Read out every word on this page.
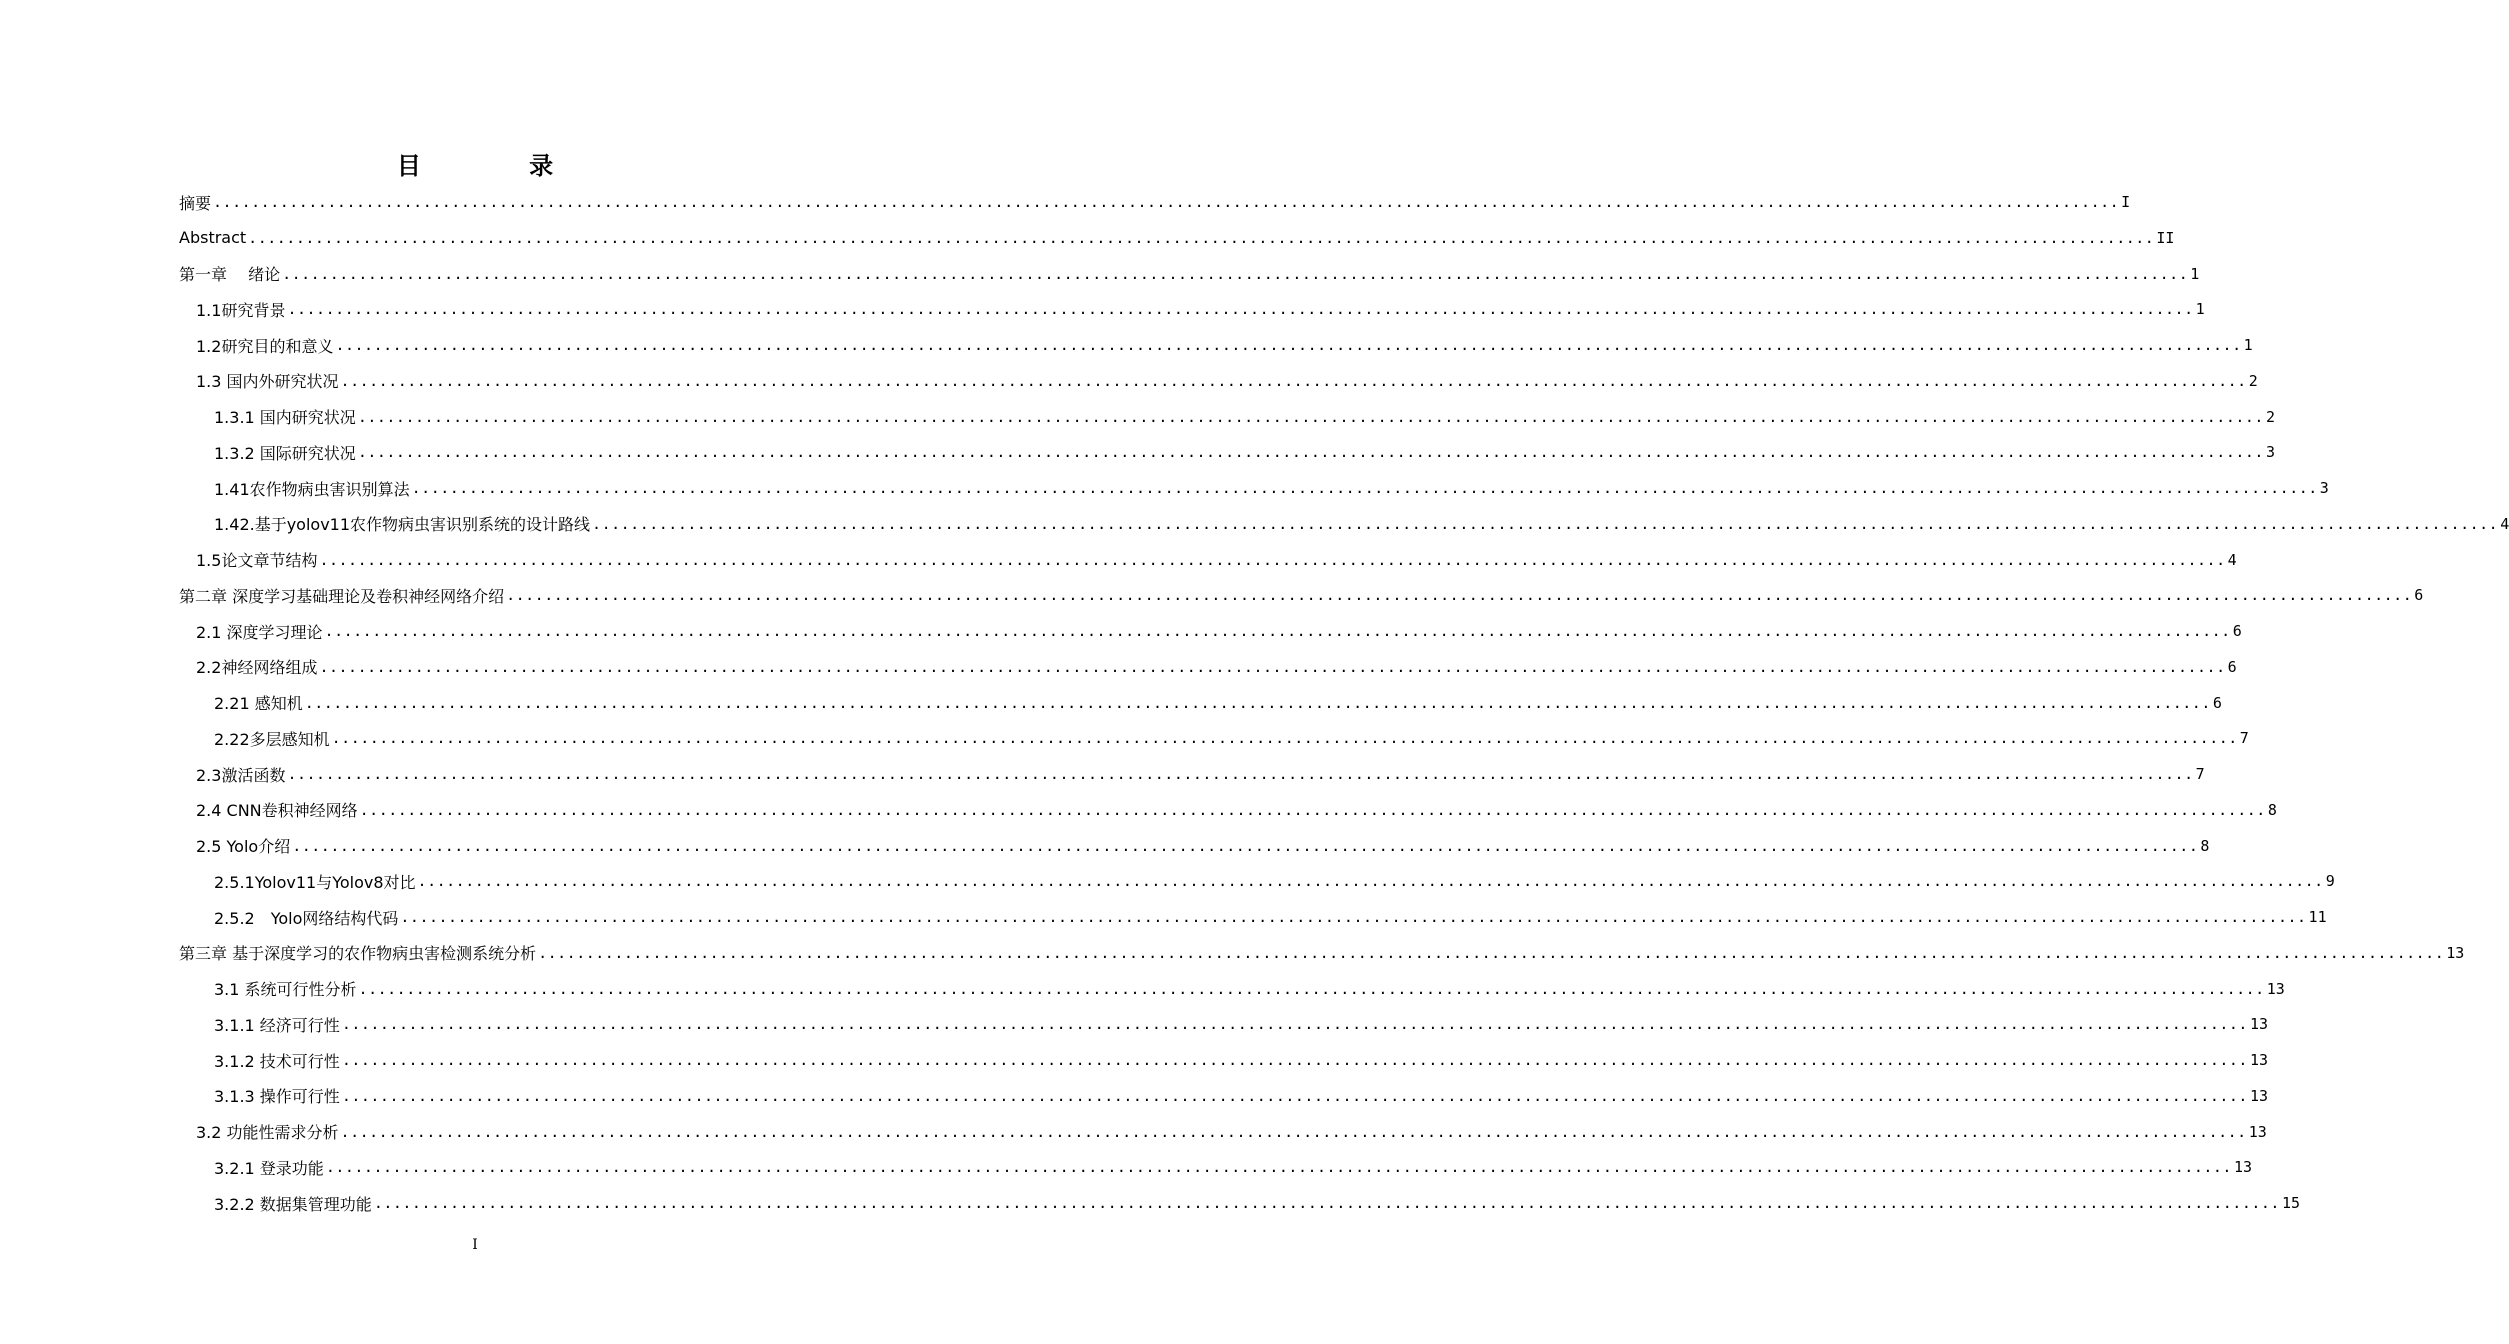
目 录
摘要 ........................................................................................................................................................................................................ I
Abstract ........................................................................................................................................................................................................ II
第一章　 绪论 ........................................................................................................................................................................................................ 1
1.1研究背景 ........................................................................................................................................................................................................ 1
1.2研究目的和意义 ........................................................................................................................................................................................................ 1
1.3 国内外研究状况 ........................................................................................................................................................................................................ 2
1.3.1 国内研究状况 ........................................................................................................................................................................................................ 2
1.3.2 国际研究状况 ........................................................................................................................................................................................................ 3
1.41农作物病虫害识别算法 ........................................................................................................................................................................................................ 3
1.42.基于yolov11农作物病虫害识别系统的设计路线 ........................................................................................................................................................................................................ 4
1.5论文章节结构 ........................................................................................................................................................................................................ 4
第二章 深度学习基础理论及卷积神经网络介绍 ........................................................................................................................................................................................................ 6
2.1 深度学习理论 ........................................................................................................................................................................................................ 6
2.2神经网络组成 ........................................................................................................................................................................................................ 6
2.21 感知机 ........................................................................................................................................................................................................ 6
2.22多层感知机 ........................................................................................................................................................................................................ 7
2.3激活函数 ........................................................................................................................................................................................................ 7
2.4 CNN卷积神经网络 ........................................................................................................................................................................................................ 8
2.5 Yolo介绍 ........................................................................................................................................................................................................ 8
2.5.1Yolov11与Yolov8对比 ........................................................................................................................................................................................................ 9
2.5.2　Yolo网络结构代码 ........................................................................................................................................................................................................ 11
第三章 基于深度学习的农作物病虫害检测系统分析 ........................................................................................................................................................................................................ 13
3.1 系统可行性分析 ........................................................................................................................................................................................................ 13
3.1.1 经济可行性 ........................................................................................................................................................................................................ 13
3.1.2 技术可行性 ........................................................................................................................................................................................................ 13
3.1.3 操作可行性 ........................................................................................................................................................................................................ 13
3.2 功能性需求分析 ........................................................................................................................................................................................................ 13
3.2.1 登录功能 ........................................................................................................................................................................................................ 13
3.2.2 数据集管理功能 ........................................................................................................................................................................................................ 15
I
